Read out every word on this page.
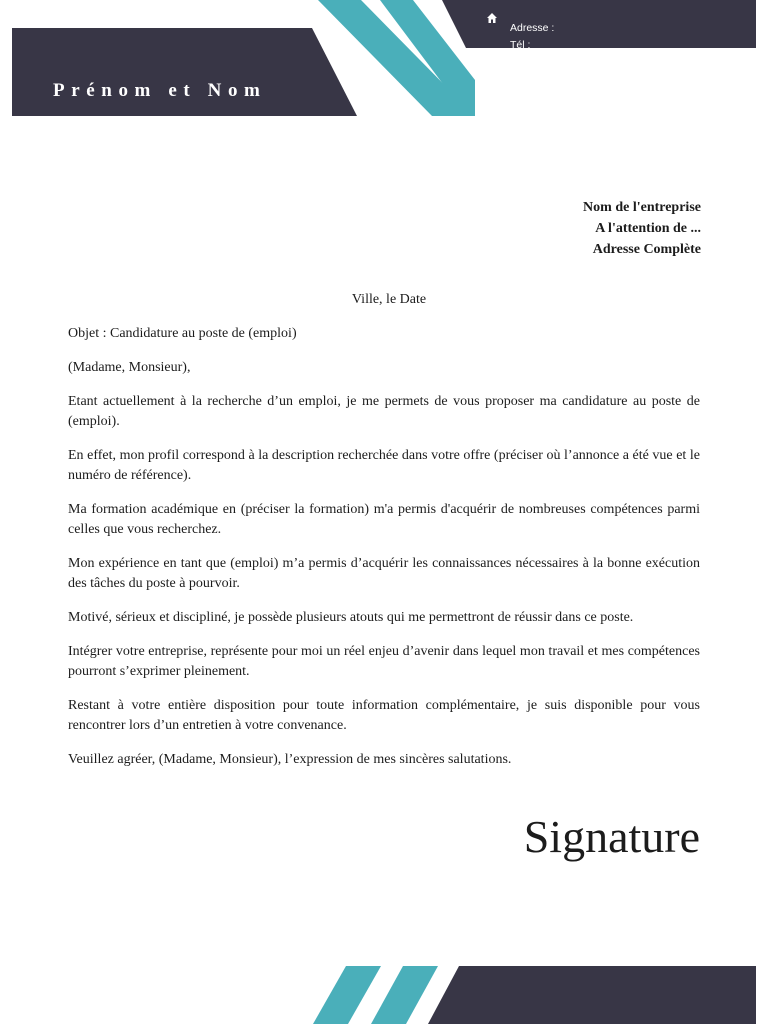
Prénom et Nom
Adresse :
Tél :
Nom de l'entreprise
A l'attention de ...
Adresse Complète
Ville, le Date

Objet : Candidature au poste de (emploi)

(Madame, Monsieur),

Etant actuellement à la recherche d’un emploi, je me permets de vous proposer ma candidature au poste de (emploi).

En effet, mon profil correspond à la description recherchée dans votre offre (préciser où l’annonce a été vue et le numéro de référence).

Ma formation académique en (préciser la formation) m'a permis d'acquérir de nombreuses compétences parmi celles que vous recherchez.

Mon expérience en tant que (emploi) m’a permis d’acquérir les connaissances nécessaires à la bonne exécution des tâches du poste à pourvoir.

Motivé, sérieux et discipliné, je possède plusieurs atouts qui me permettront de réussir dans ce poste.

Intégrer votre entreprise, représente pour moi un réel enjeu d’avenir dans lequel mon travail et mes compétences pourront s’exprimer pleinement.

Restant à votre entière disposition pour toute information complémentaire, je suis disponible pour vous rencontrer lors d’un entretien à votre convenance.

Veuillez agréer, (Madame, Monsieur), l’expression de mes sincères salutations.

Signature
